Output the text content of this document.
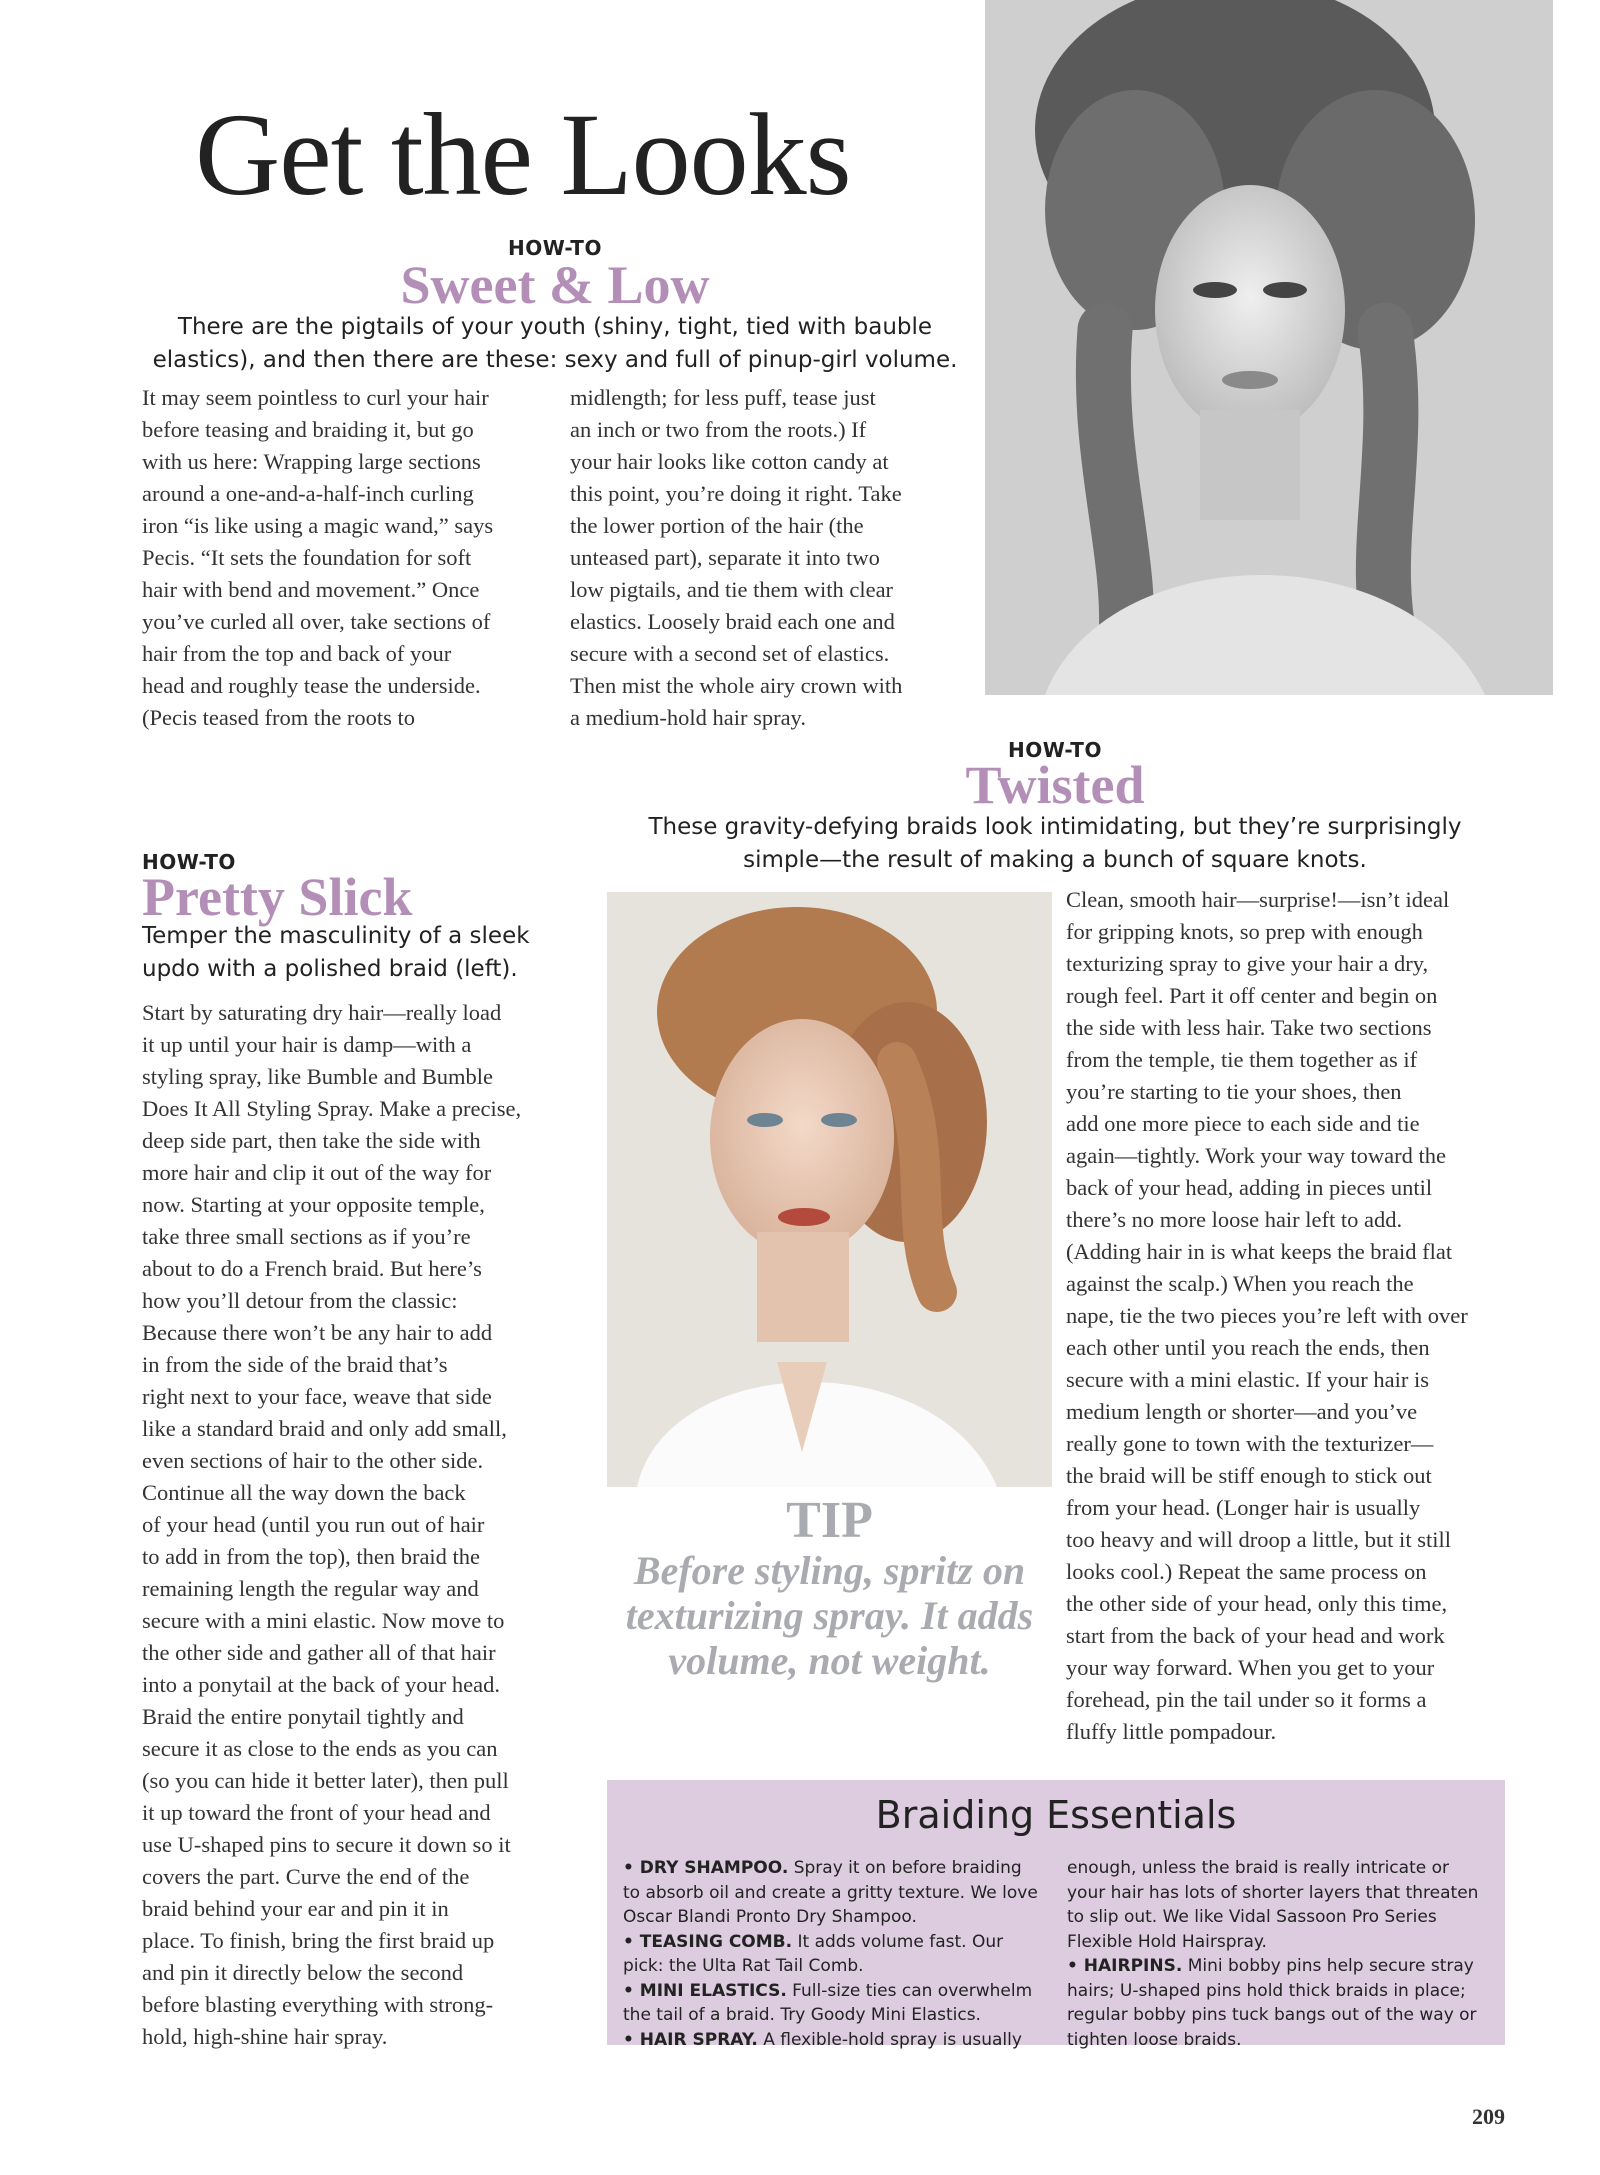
Get the Looks
HOW-TO
Sweet & Low
There are the pigtails of your youth (shiny, tight, tied with bauble elastics), and then there are these: sexy and full of pinup-girl volume.
It may seem pointless to curl your hair
before teasing and braiding it, but go
with us here: Wrapping large sections
around a one-and-a-half-inch curling
iron “is like using a magic wand,” says
Pecis. “It sets the foundation for soft
hair with bend and movement.” Once
you’ve curled all over, take sections of
hair from the top and back of your
head and roughly tease the underside.
(Pecis teased from the roots to
midlength; for less puff, tease just
an inch or two from the roots.) If
your hair looks like cotton candy at
this point, you’re doing it right. Take
the lower portion of the hair (the
unteased part), separate it into two
low pigtails, and tie them with clear
elastics. Loosely braid each one and
secure with a second set of elastics.
Then mist the whole airy crown with
a medium-hold hair spray.
HOW-TO
Twisted
These gravity-defying braids look intimidating, but they’re surprisingly simple—the result of making a bunch of square knots.
HOW-TO
Pretty Slick
Temper the masculinity of a sleek updo with a polished braid (left).
Start by saturating dry hair—really load
it up until your hair is damp—with a
styling spray, like Bumble and Bumble
Does It All Styling Spray. Make a precise,
deep side part, then take the side with
more hair and clip it out of the way for
now. Starting at your opposite temple,
take three small sections as if you’re
about to do a French braid. But here’s
how you’ll detour from the classic:
Because there won’t be any hair to add
in from the side of the braid that’s
right next to your face, weave that side
like a standard braid and only add small,
even sections of hair to the other side.
Continue all the way down the back
of your head (until you run out of hair
to add in from the top), then braid the
remaining length the regular way and
secure with a mini elastic. Now move to
the other side and gather all of that hair
into a ponytail at the back of your head.
Braid the entire ponytail tightly and
secure it as close to the ends as you can
(so you can hide it better later), then pull
it up toward the front of your head and
use U-shaped pins to secure it down so it
covers the part. Curve the end of the
braid behind your ear and pin it in
place. To finish, bring the first braid up
and pin it directly below the second
before blasting everything with strong-
hold, high-shine hair spray.
Clean, smooth hair—surprise!—isn’t ideal
for gripping knots, so prep with enough
texturizing spray to give your hair a dry,
rough feel. Part it off center and begin on
the side with less hair. Take two sections
from the temple, tie them together as if
you’re starting to tie your shoes, then
add one more piece to each side and tie
again—tightly. Work your way toward the
back of your head, adding in pieces until
there’s no more loose hair left to add.
(Adding hair in is what keeps the braid flat
against the scalp.) When you reach the
nape, tie the two pieces you’re left with over
each other until you reach the ends, then
secure with a mini elastic. If your hair is
medium length or shorter—and you’ve
really gone to town with the texturizer—
the braid will be stiff enough to stick out
from your head. (Longer hair is usually
too heavy and will droop a little, but it still
looks cool.) Repeat the same process on
the other side of your head, only this time,
start from the back of your head and work
your way forward. When you get to your
forehead, pin the tail under so it forms a
fluffy little pompadour.
TIP
Before styling, spritz on texturizing spray. It adds volume, not weight.
Braiding Essentials

• DRY SHAMPOO. Spray it on before braiding to absorb oil and create a gritty texture. We love Oscar Blandi Pronto Dry Shampoo.

• TEASING COMB. It adds volume fast. Our pick: the Ulta Rat Tail Comb.

• MINI ELASTICS. Full-size ties can overwhelm the tail of a braid. Try Goody Mini Elastics.

• HAIR SPRAY. A flexible-hold spray is usually

enough, unless the braid is really intricate or your hair has lots of shorter layers that threaten to slip out. We like Vidal Sassoon Pro Series Flexible Hold Hairspray.

• HAIRPINS. Mini bobby pins help secure stray hairs; U-shaped pins hold thick braids in place; regular bobby pins tuck bangs out of the way or tighten loose braids.

209
